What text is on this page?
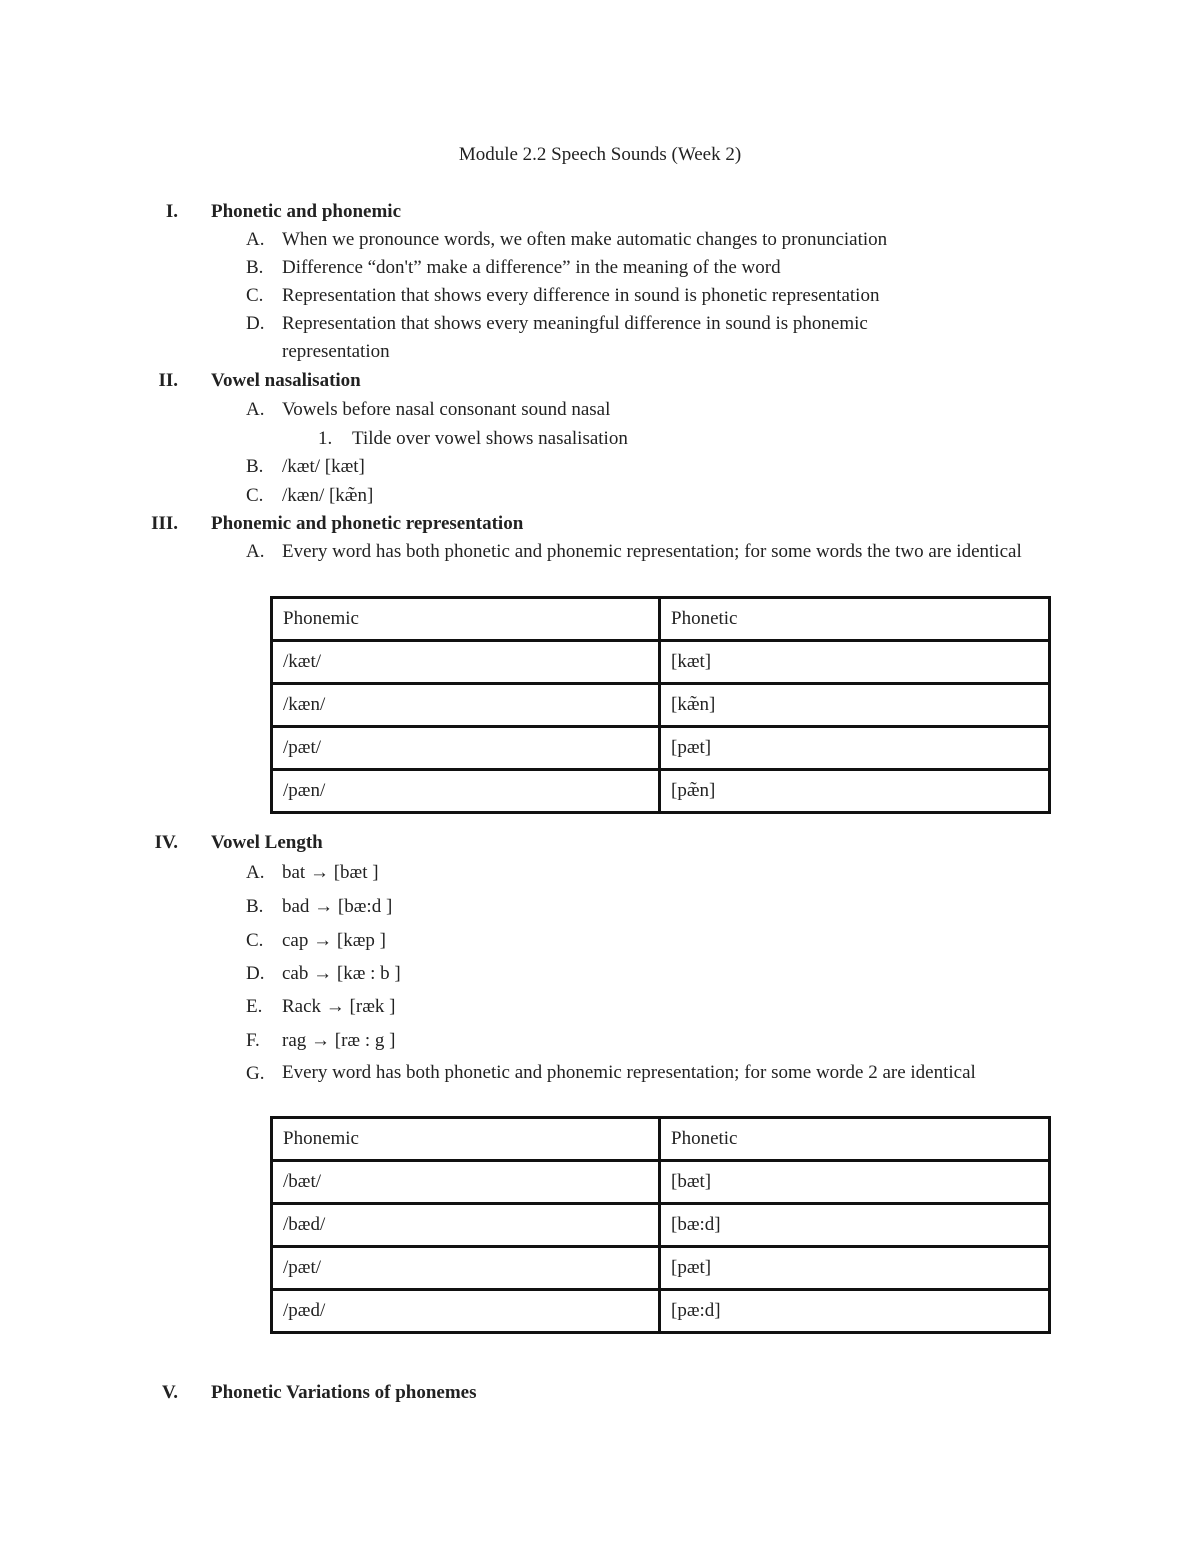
Module 2.2 Speech Sounds (Week 2)
I. Phonetic and phonemic
A. When we pronounce words, we often make automatic changes to pronunciation
B. Difference “don't” make a difference” in the meaning of the word
C. Representation that shows every difference in sound is phonetic representation
D. Representation that shows every meaningful difference in sound is phonemic representation
II. Vowel nasalisation
A. Vowels before nasal consonant sound nasal
1.	Tilde over vowel shows nasalisation
B. /kæt/ [kæt]
C. /kæn/ [kæ̃n]
III. Phonemic and phonetic representation
A. Every word has both phonetic and phonemic representation; for some words the two are identical
Phonemic	Phonetic
/kæt/	[kæt]
/kæn/	[kæ̃n]
/pæt/	[pæt]
/pæn/	[pæ̃n]
IV. Vowel Length
A. bat → [bæt ]
B. bad → [bæ:d ]
C. cap → [kæp ]
D. cab → [kæ : b ]
E.	Rack → [ræk ]
F.	rag → [ræ : g ]
G. Every word has both phonetic and phonemic representation; for some worde 2 are identical
Phonemic	Phonetic
/bæt/	[bæt]
/bæd/	[bæ:d]
/pæt/	[pæt]
/pæd/	[pæ:d]
V. Phonetic Variations of phonemes
